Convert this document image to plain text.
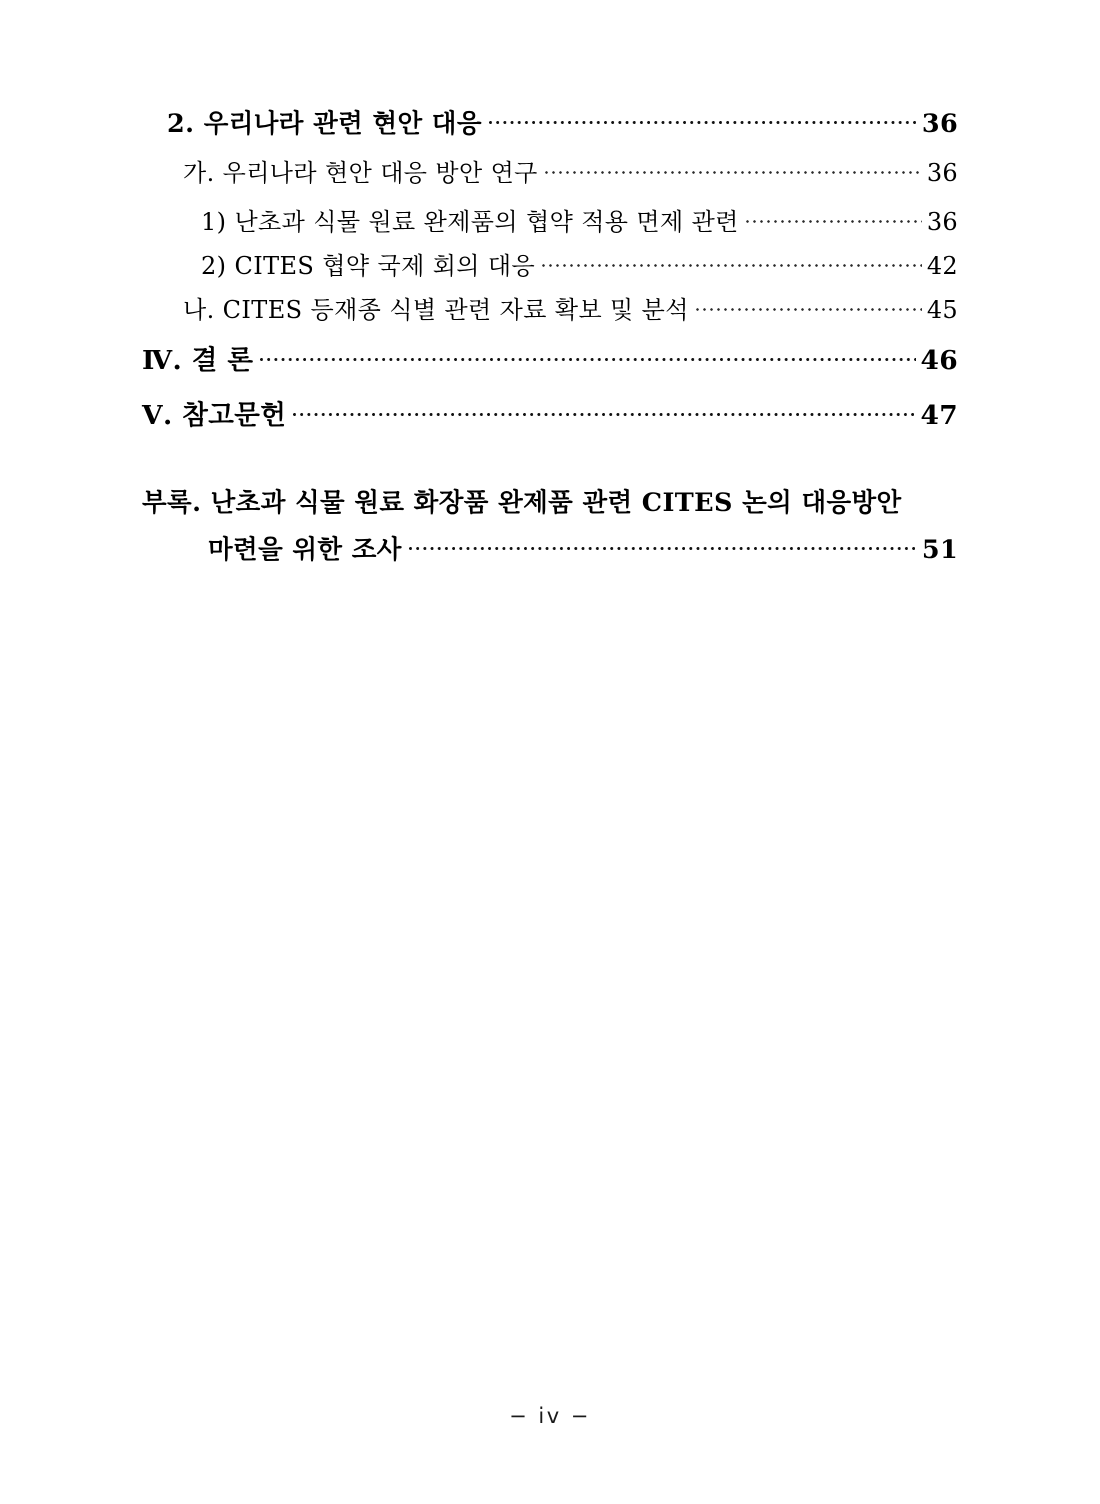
2. 우리나라 관련 현안 대응	36
가. 우리나라 현안 대응 방안 연구	36
1) 난초과 식물 원료 완제품의 협약 적용 면제 관련	36
2) CITES 협약 국제 회의 대응	42
나. CITES 등재종 식별 관련 자료 확보 및 분석	45
Ⅳ. 결 론	46
Ⅴ. 참고문헌	47
부록. 난초과 식물 원료 화장품 완제품 관련 CITES 논의 대응방안
마련을 위한 조사	51
− iv −
